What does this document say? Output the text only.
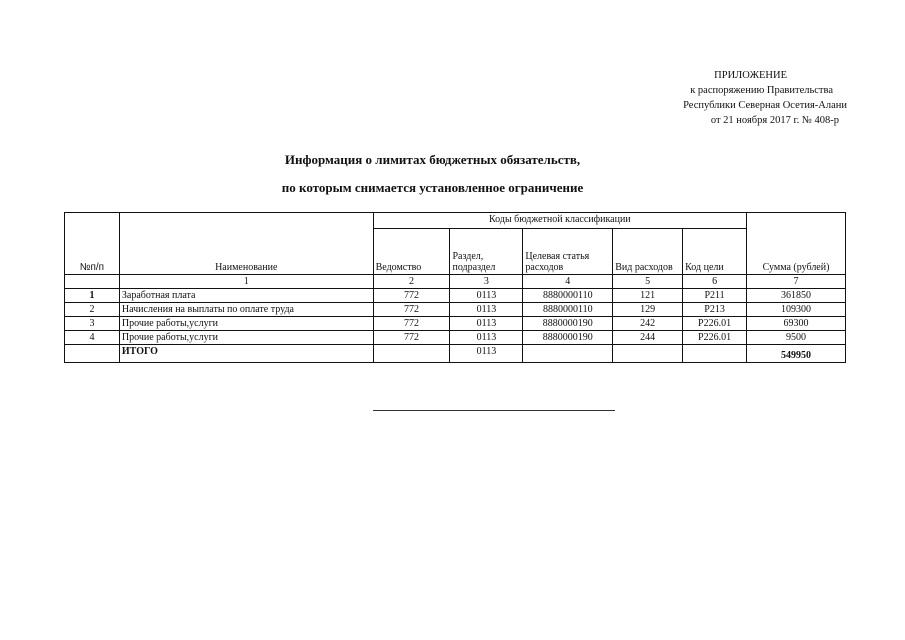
ПРИЛОЖЕНИЕ
к распоряжению Правительства
Республики Северная Осетия-Алани
от 21 ноября 2017 г. № 408-р
Информация о лимитах бюджетных обязательств,
по которым снимается установленное ограничение
№п/п	Наименование	Коды бюджетной классификации					Сумма (рублей)
		Ведомство	Раздел, подраздел	Целевая статья расходов	Вид расходов	Код цели	
	1	2	3	4	5	6	7
1	Заработная плата	772	0113	8880000110	121	Р211	361850
2	Начисления на выплаты по оплате труда	772	0113	8880000110	129	Р213	109300
3	Прочие работы,услуги	772	0113	8880000190	242	Р226.01	69300
4	Прочие работы,услуги	772	0113	8880000190	244	Р226.01	9500
	ИТОГО		0113				549950
